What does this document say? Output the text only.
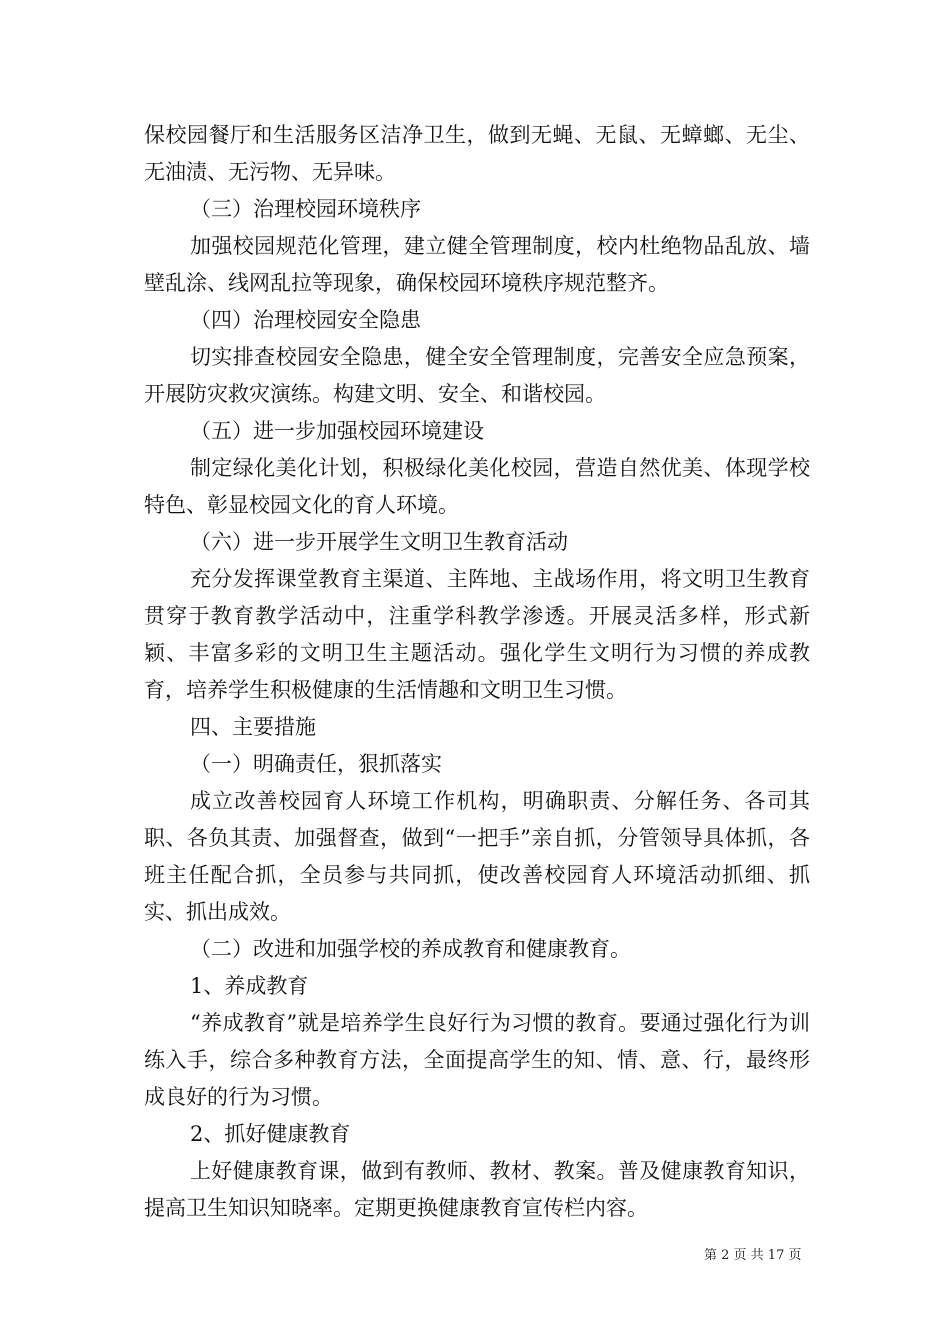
保校园餐厅和生活服务区洁净卫生，做到无蝇、无鼠、无蟑螂、无尘、无油渍、无污物、无异味。

（三）治理校园环境秩序

加强校园规范化管理，建立健全管理制度，校内杜绝物品乱放、墙壁乱涂、线网乱拉等现象，确保校园环境秩序规范整齐。

（四）治理校园安全隐患

切实排查校园安全隐患，健全安全管理制度，完善安全应急预案，开展防灾救灾演练。构建文明、安全、和谐校园。

（五）进一步加强校园环境建设

制定绿化美化计划，积极绿化美化校园，营造自然优美、体现学校特色、彰显校园文化的育人环境。

（六）进一步开展学生文明卫生教育活动

充分发挥课堂教育主渠道、主阵地、主战场作用，将文明卫生教育贯穿于教育教学活动中，注重学科教学渗透。开展灵活多样，形式新颖、丰富多彩的文明卫生主题活动。强化学生文明行为习惯的养成教育，培养学生积极健康的生活情趣和文明卫生习惯。

四、主要措施

（一）明确责任，狠抓落实

成立改善校园育人环境工作机构，明确职责、分解任务、各司其职、各负其责、加强督查，做到“一把手”亲自抓，分管领导具体抓，各班主任配合抓，全员参与共同抓，使改善校园育人环境活动抓细、抓实、抓出成效。

（二）改进和加强学校的养成教育和健康教育。

1、养成教育

“养成教育”就是培养学生良好行为习惯的教育。要通过强化行为训练入手，综合多种教育方法，全面提高学生的知、情、意、行，最终形成良好的行为习惯。

2、抓好健康教育

上好健康教育课，做到有教师、教材、教案。普及健康教育知识，提高卫生知识知晓率。定期更换健康教育宣传栏内容。

第 2 页 共 17 页
